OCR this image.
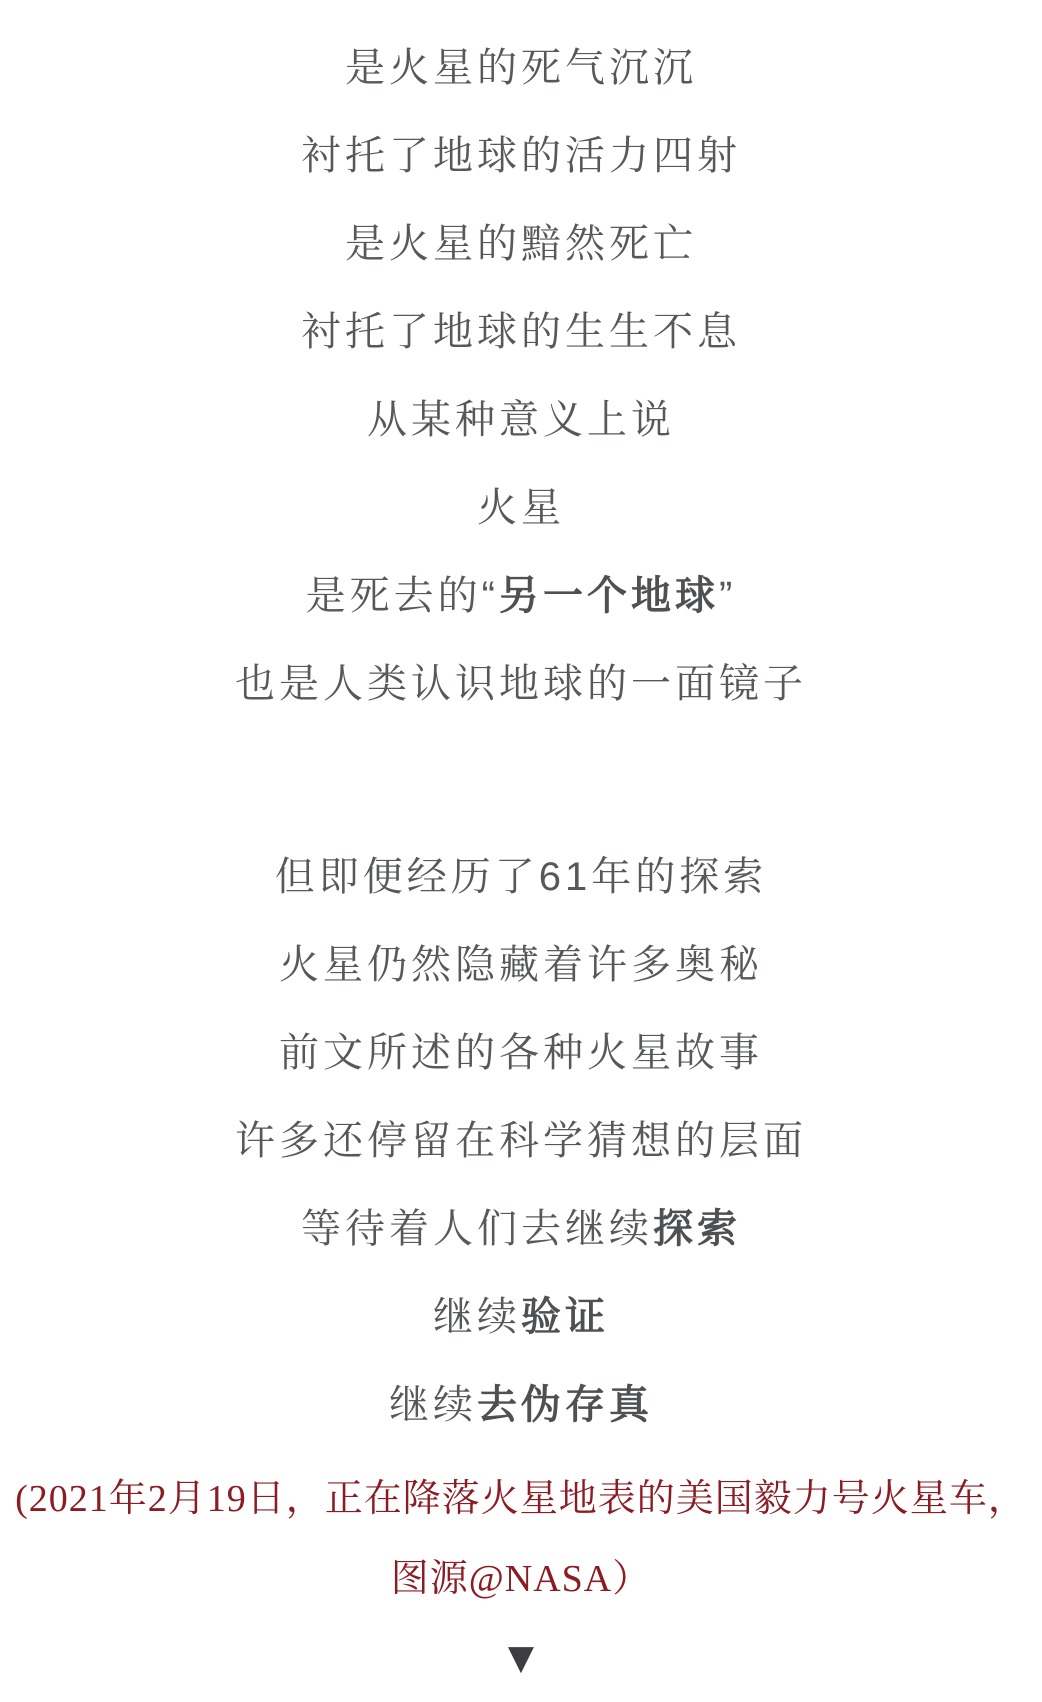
是火星的死气沉沉

衬托了地球的活力四射

是火星的黯然死亡

衬托了地球的生生不息

从某种意义上说

火星

是死去的“另一个地球”

也是人类认识地球的一面镜子

但即便经历了61年的探索

火星仍然隐藏着许多奥秘

前文所述的各种火星故事

许多还停留在科学猜想的层面

等待着人们去继续探索

继续验证

继续去伪存真

(2021年2月19日，正在降落火星地表的美国毅力号火星车，

图源@NASA）

▼
